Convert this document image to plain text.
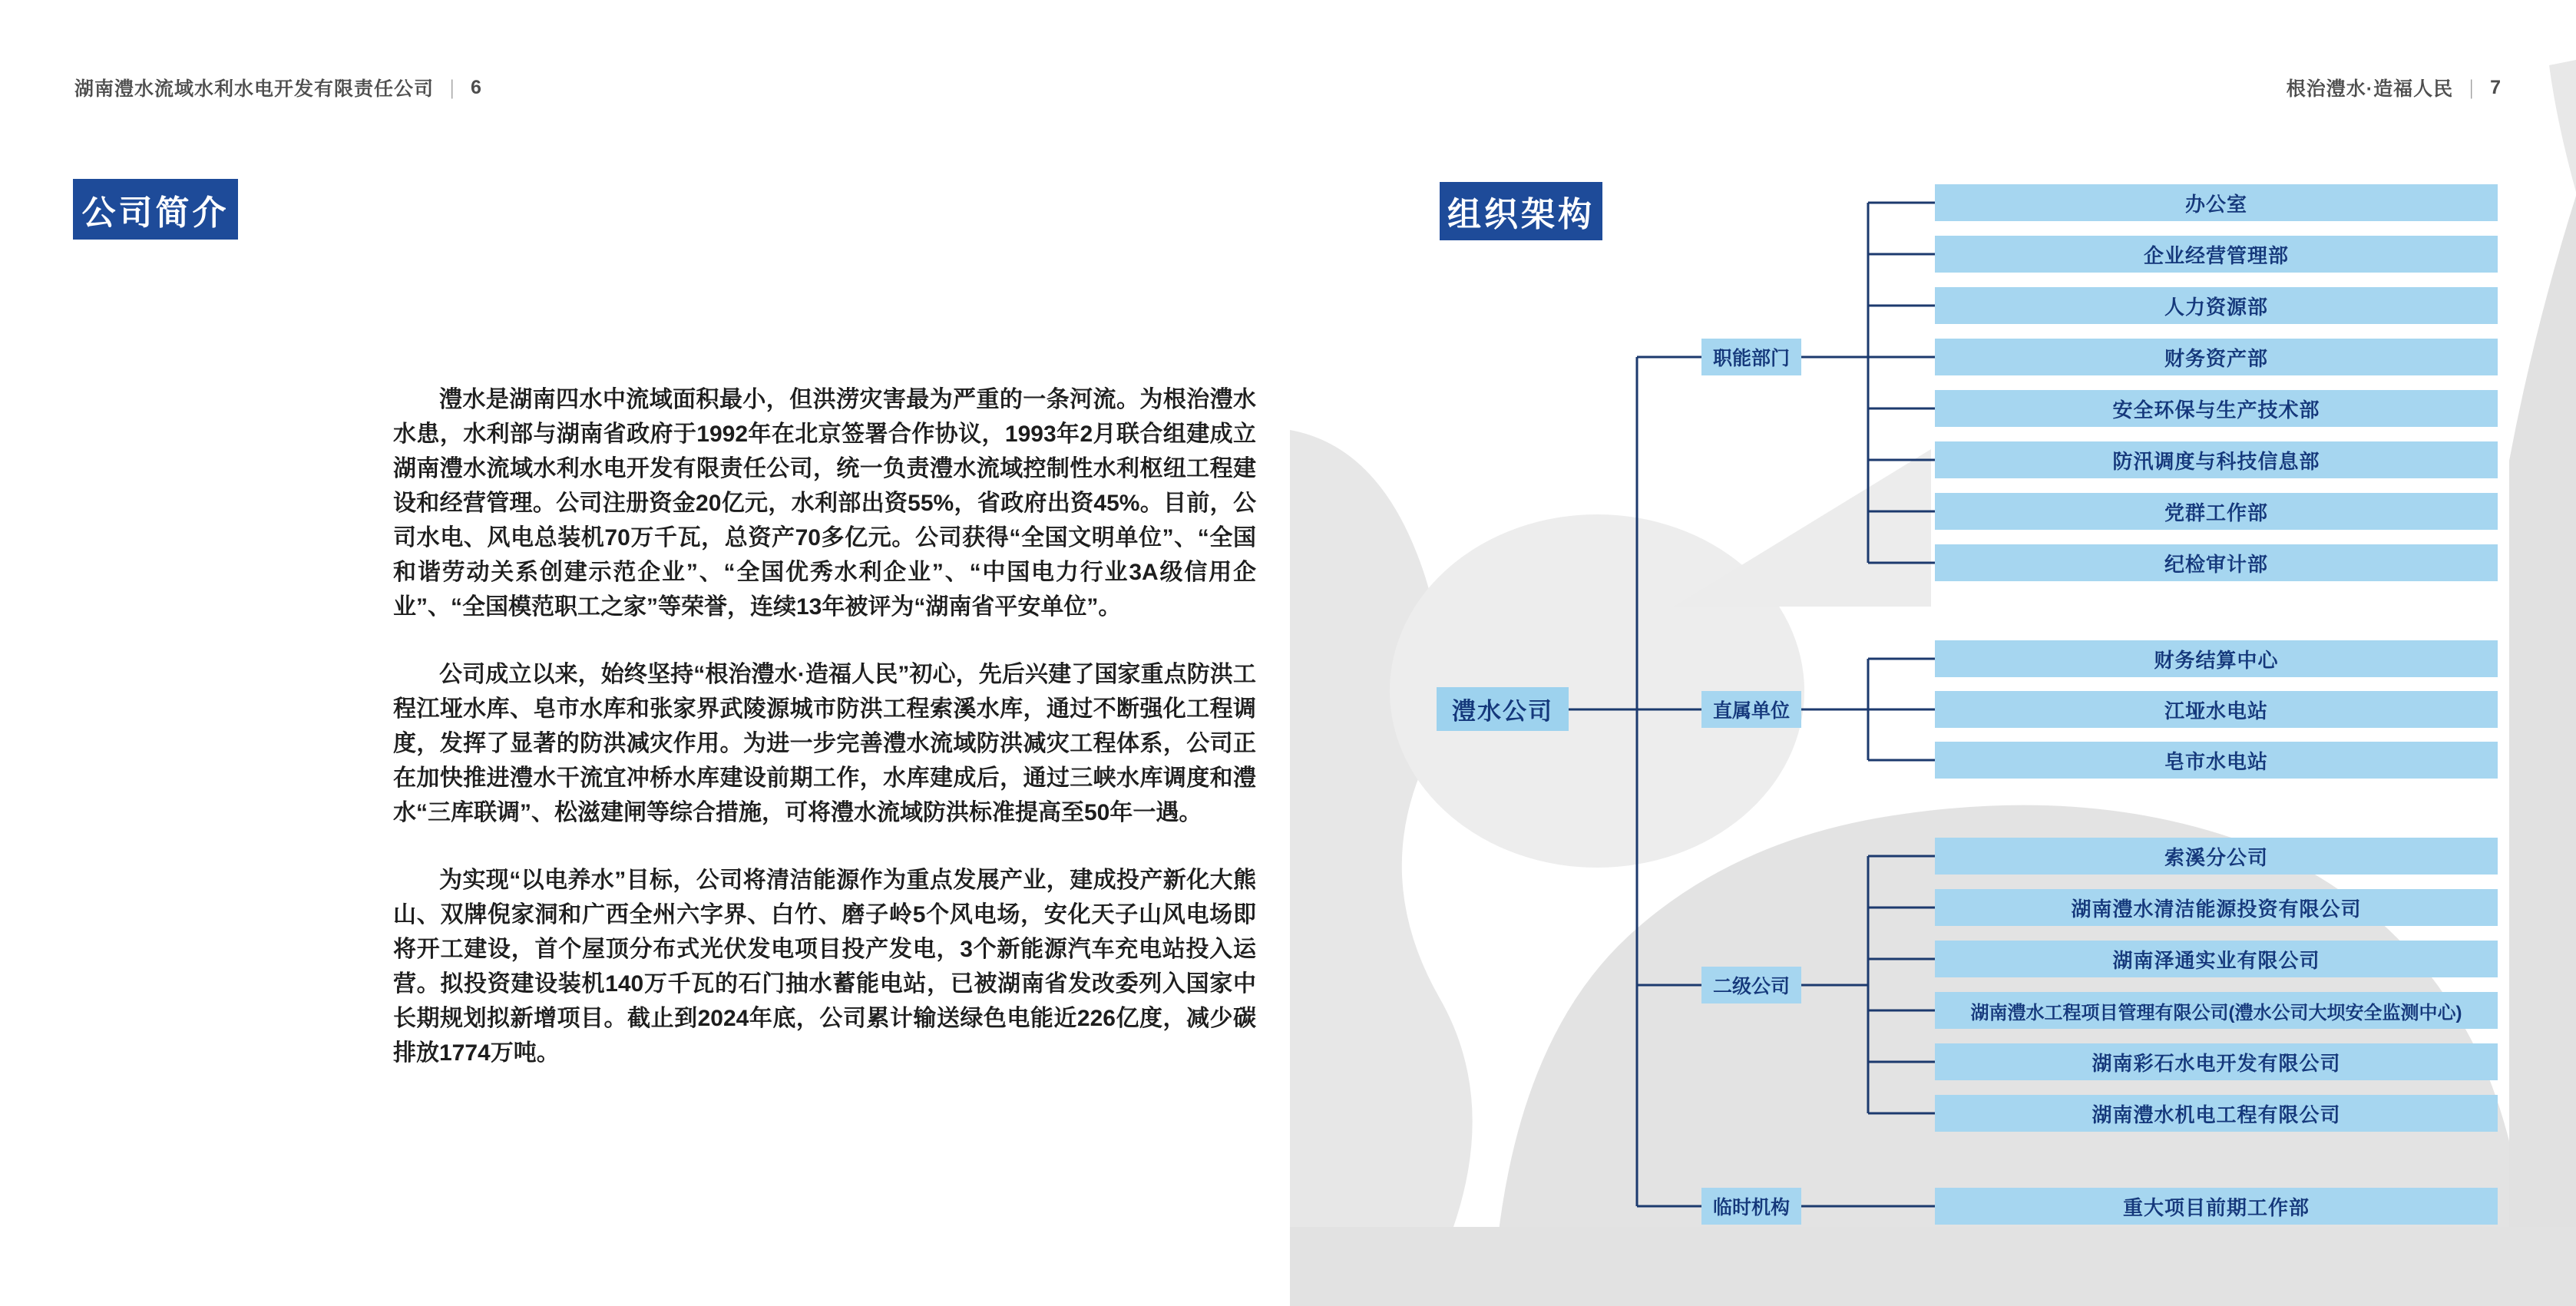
湖南澧水流域水利水电开发有限责任公司 | 6	根治澧水·造福人民 | 7
公司简介	组织架构

澧水是湖南四水中流域面积最小，但洪涝灾害最为严重的一条河流。为根治澧水水患，水利部与湖南省政府于1992年在北京签署合作协议，1993年2月联合组建成立湖南澧水流域水利水电开发有限责任公司，统一负责澧水流域控制性水利枢纽工程建设和经营管理。公司注册资金20亿元，水利部出资55%，省政府出资45%。目前，公司水电、风电总装机70万千瓦，总资产70多亿元。公司获得“全国文明单位”、“全国和谐劳动关系创建示范企业”、“全国优秀水利企业”、“中国电力行业3A级信用企业”、“全国模范职工之家”等荣誉，连续13年被评为“湖南省平安单位”。

公司成立以来，始终坚持“根治澧水·造福人民”初心，先后兴建了国家重点防洪工程江垭水库、皂市水库和张家界武陵源城市防洪工程索溪水库，通过不断强化工程调度，发挥了显著的防洪减灾作用。为进一步完善澧水流域防洪减灾工程体系，公司正在加快推进澧水干流宜冲桥水库建设前期工作，水库建成后，通过三峡水库调度和澧水“三库联调”、松滋建闸等综合措施，可将澧水流域防洪标准提高至50年一遇。

为实现“以电养水”目标，公司将清洁能源作为重点发展产业，建成投产新化大熊山、双牌倪家洞和广西全州六字界、白竹、磨子岭5个风电场，安化天子山风电场即将开工建设，首个屋顶分布式光伏发电项目投产发电，3个新能源汽车充电站投入运营。拟投资建设装机140万千瓦的石门抽水蓄能电站，已被湖南省发改委列入国家中长期规划拟新增项目。截止到2024年底，公司累计输送绿色电能近226亿度，减少碳排放1774万吨。

澧水公司
职能部门
直属单位
二级公司
临时机构
办公室
企业经营管理部
人力资源部
财务资产部
安全环保与生产技术部
防汛调度与科技信息部
党群工作部
纪检审计部
财务结算中心
江垭水电站
皂市水电站
索溪分公司
湖南澧水清洁能源投资有限公司
湖南泽通实业有限公司
湖南澧水工程项目管理有限公司(澧水公司大坝安全监测中心)
湖南彩石水电开发有限公司
湖南澧水机电工程有限公司
重大项目前期工作部
